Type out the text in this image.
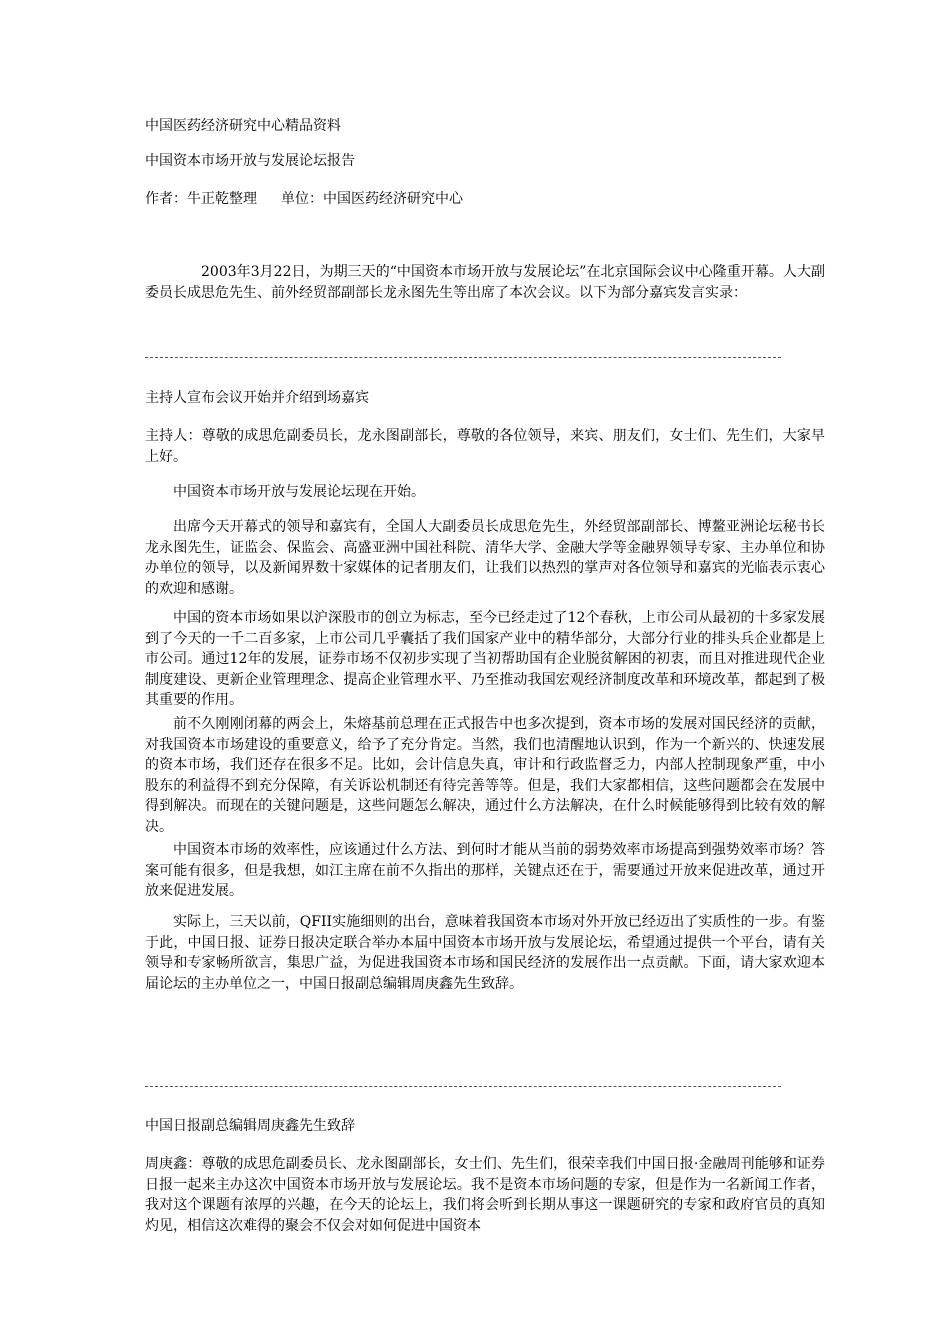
中国医药经济研究中心精品资料
中国资本市场开放与发展论坛报告
作者：牛正乾整理 单位：中国医药经济研究中心
2003年3月22日，为期三天的“中国资本市场开放与发展论坛”在北京国际会议中心隆重开幕。人大副委员长成思危先生、前外经贸部副部长龙永图先生等出席了本次会议。以下为部分嘉宾发言实录：
主持人宣布会议开始并介绍到场嘉宾
主持人：尊敬的成思危副委员长，龙永图副部长，尊敬的各位领导，来宾、朋友们，女士们、先生们，大家早上好。
中国资本市场开放与发展论坛现在开始。
出席今天开幕式的领导和嘉宾有，全国人大副委员长成思危先生，外经贸部副部长、博鳌亚洲论坛秘书长龙永图先生，证监会、保监会、高盛亚洲中国社科院、清华大学、金融大学等金融界领导专家、主办单位和协办单位的领导，以及新闻界数十家媒体的记者朋友们，让我们以热烈的掌声对各位领导和嘉宾的光临表示衷心的欢迎和感谢。
中国的资本市场如果以沪深股市的创立为标志，至今已经走过了12个春秋，上市公司从最初的十多家发展到了今天的一千二百多家，上市公司几乎囊括了我们国家产业中的精华部分，大部分行业的排头兵企业都是上市公司。通过12年的发展，证券市场不仅初步实现了当初帮助国有企业脱贫解困的初衷，而且对推进现代企业制度建设、更新企业管理理念、提高企业管理水平、乃至推动我国宏观经济制度改革和环境改革，都起到了极其重要的作用。
前不久刚刚闭幕的两会上，朱熔基前总理在正式报告中也多次提到，资本市场的发展对国民经济的贡献，对我国资本市场建设的重要意义，给予了充分肯定。当然，我们也清醒地认识到，作为一个新兴的、快速发展的资本市场，我们还存在很多不足。比如，会计信息失真，审计和行政监督乏力，内部人控制现象严重，中小股东的利益得不到充分保障，有关诉讼机制还有待完善等等。但是，我们大家都相信，这些问题都会在发展中得到解决。而现在的关键问题是，这些问题怎么解决，通过什么方法解决，在什么时候能够得到比较有效的解决。
中国资本市场的效率性，应该通过什么方法、到何时才能从当前的弱势效率市场提高到强势效率市场？答案可能有很多，但是我想，如江主席在前不久指出的那样，关键点还在于，需要通过开放来促进改革，通过开放来促进发展。
实际上，三天以前，QFII实施细则的出台，意味着我国资本市场对外开放已经迈出了实质性的一步。有鉴于此，中国日报、证券日报决定联合举办本届中国资本市场开放与发展论坛，希望通过提供一个平台，请有关领导和专家畅所欲言，集思广益，为促进我国资本市场和国民经济的发展作出一点贡献。下面，请大家欢迎本届论坛的主办单位之一，中国日报副总编辑周庚鑫先生致辞。
中国日报副总编辑周庚鑫先生致辞
周庚鑫：尊敬的成思危副委员长、龙永图副部长，女士们、先生们，很荣幸我们中国日报·金融周刊能够和证券日报一起来主办这次中国资本市场开放与发展论坛。我不是资本市场问题的专家，但是作为一名新闻工作者，我对这个课题有浓厚的兴趣，在今天的论坛上，我们将会听到长期从事这一课题研究的专家和政府官员的真知灼见，相信这次难得的聚会不仅会对如何促进中国资本
